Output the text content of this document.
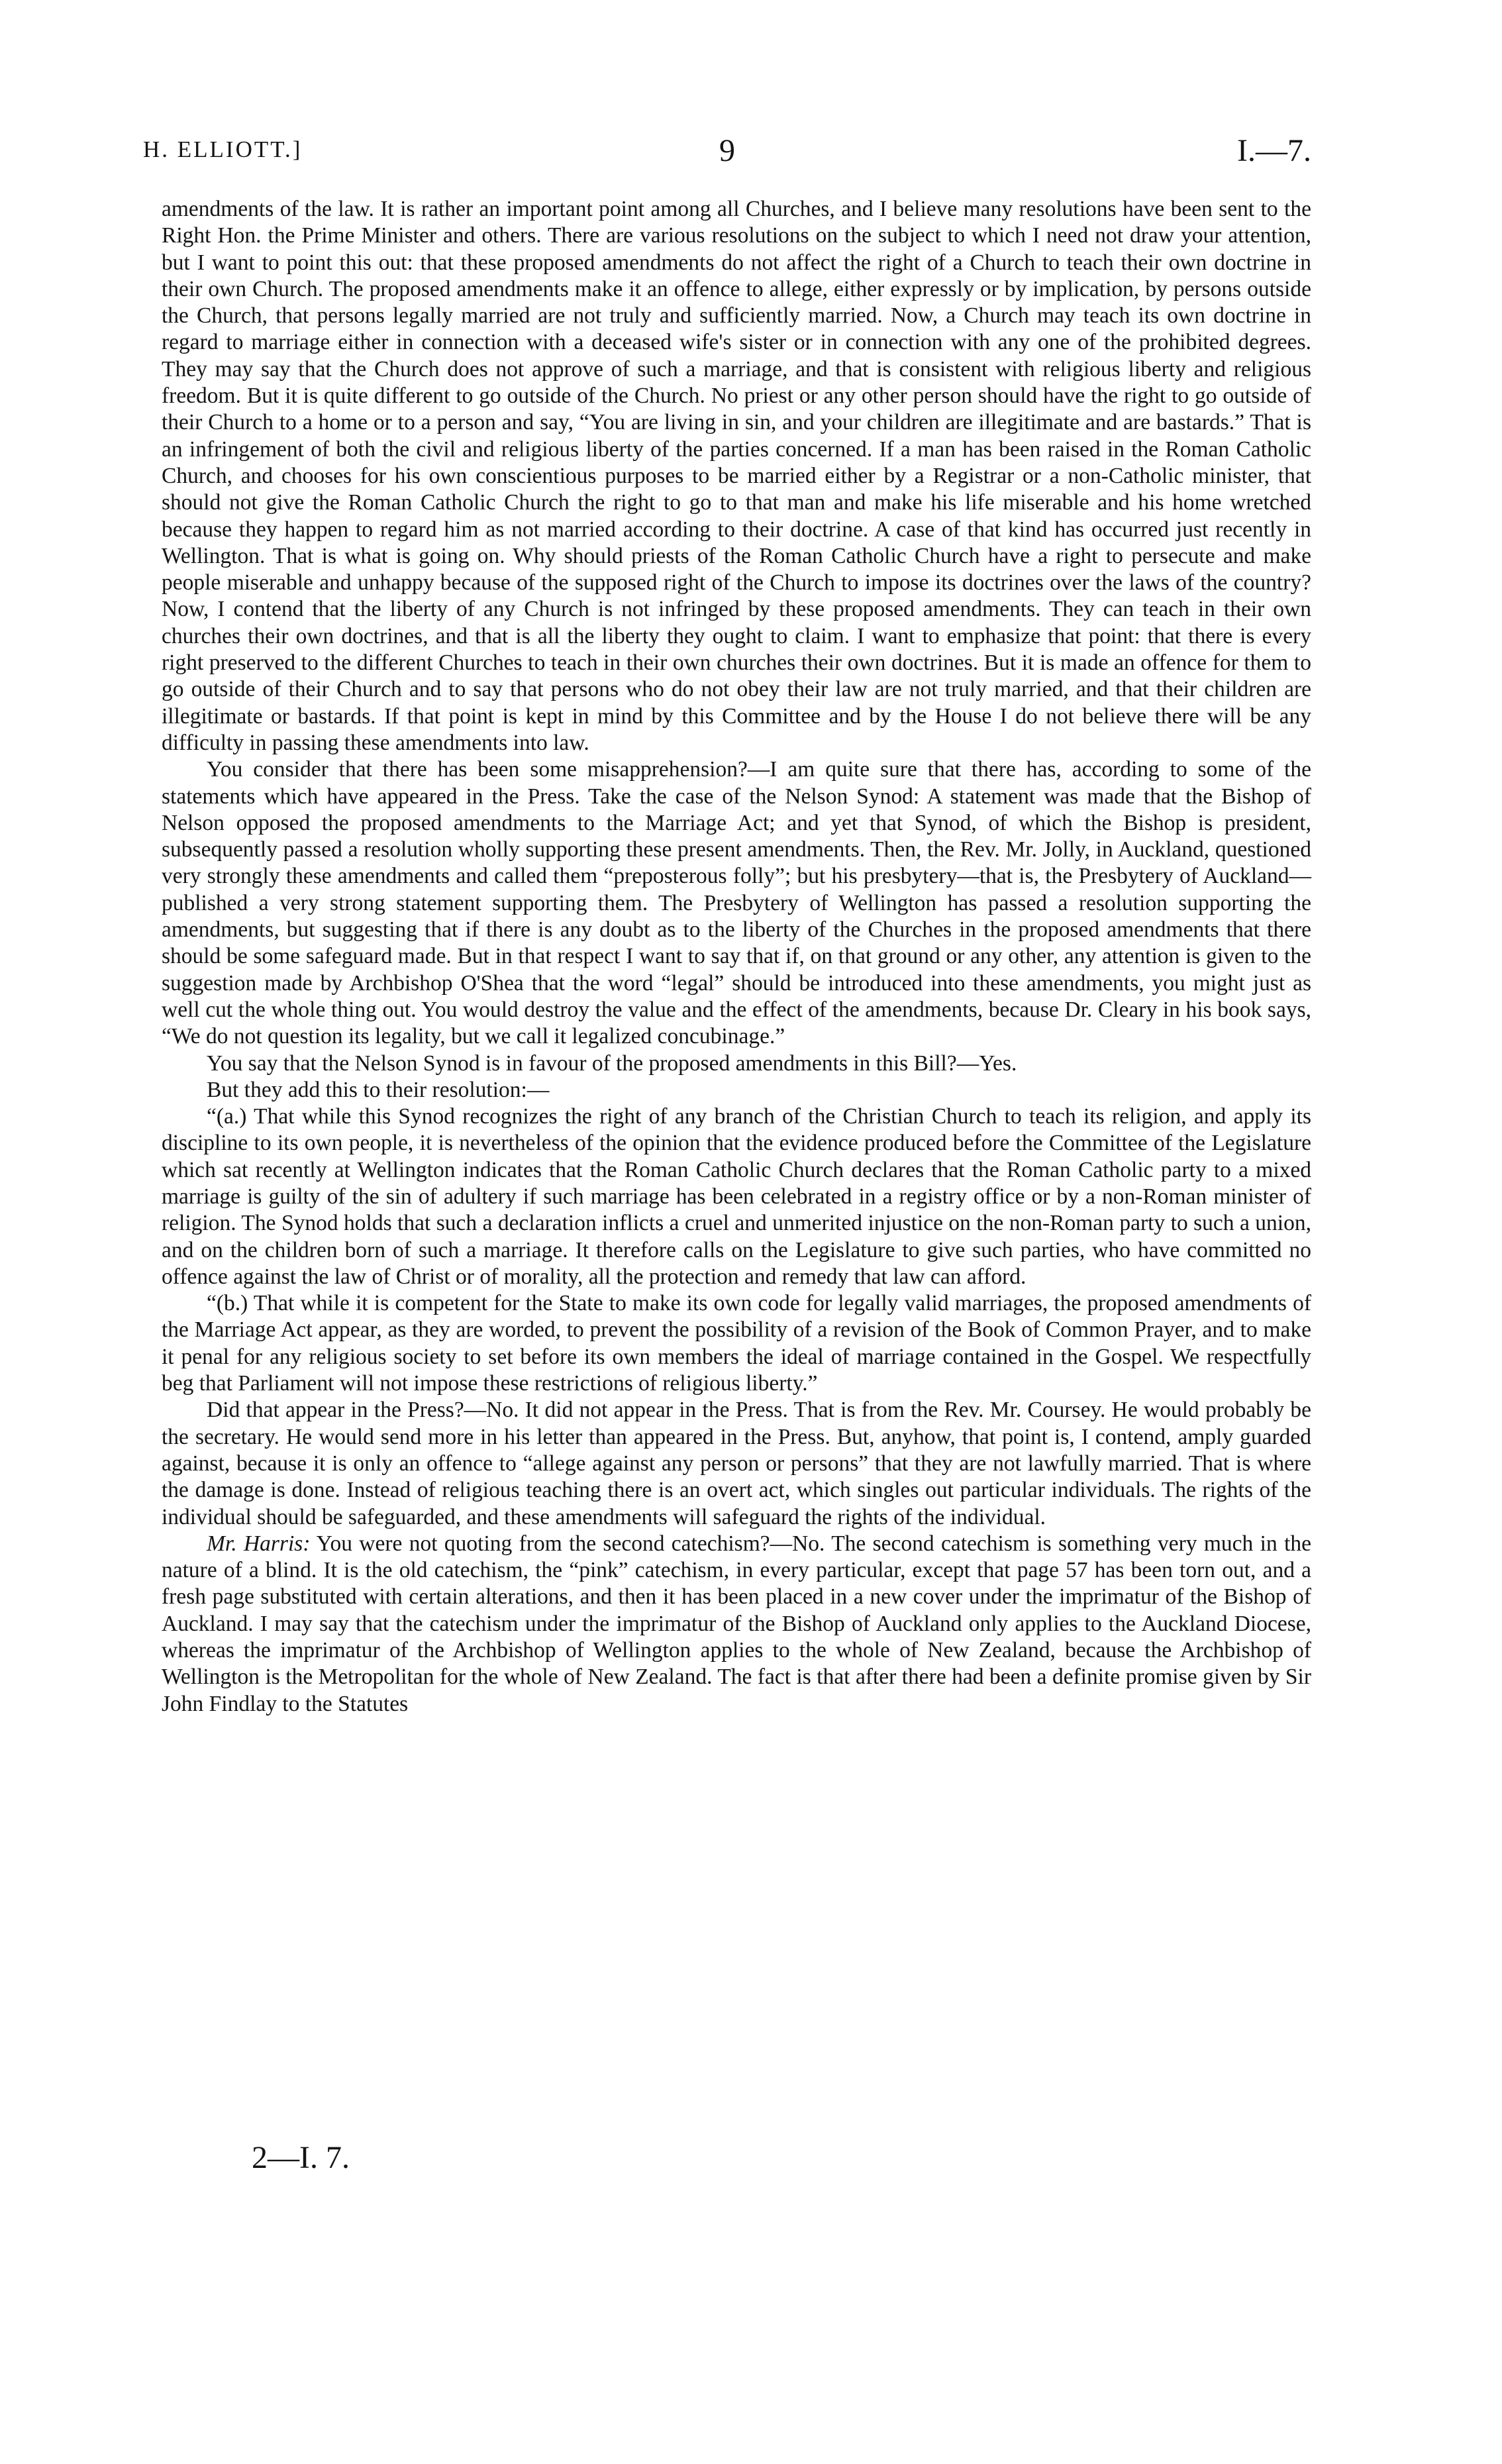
H. ELLIOTT.]	9	I.—7.

amendments of the law. It is rather an important point among all Churches, and I believe many resolutions have been sent to the Right Hon. the Prime Minister and others. There are various resolutions on the subject to which I need not draw your attention, but I want to point this out: that these proposed amendments do not affect the right of a Church to teach their own doctrine in their own Church. The proposed amendments make it an offence to allege, either expressly or by implication, by persons outside the Church, that persons legally married are not truly and sufficiently married. Now, a Church may teach its own doctrine in regard to marriage either in connection with a deceased wife's sister or in connection with any one of the prohibited degrees. They may say that the Church does not approve of such a marriage, and that is consistent with religious liberty and religious freedom. But it is quite different to go outside of the Church. No priest or any other person should have the right to go outside of their Church to a home or to a person and say, “You are living in sin, and your children are illegitimate and are bastards.” That is an infringement of both the civil and religious liberty of the parties concerned. If a man has been raised in the Roman Catholic Church, and chooses for his own conscientious purposes to be married either by a Registrar or a non-Catholic minister, that should not give the Roman Catholic Church the right to go to that man and make his life miserable and his home wretched because they happen to regard him as not married according to their doctrine. A case of that kind has occurred just recently in Wellington. That is what is going on. Why should priests of the Roman Catholic Church have a right to persecute and make people miserable and unhappy because of the supposed right of the Church to impose its doctrines over the laws of the country? Now, I contend that the liberty of any Church is not infringed by these proposed amendments. They can teach in their own churches their own doctrines, and that is all the liberty they ought to claim. I want to emphasize that point: that there is every right preserved to the different Churches to teach in their own churches their own doctrines. But it is made an offence for them to go outside of their Church and to say that persons who do not obey their law are not truly married, and that their children are illegitimate or bastards. If that point is kept in mind by this Committee and by the House I do not believe there will be any difficulty in passing these amendments into law.

You consider that there has been some misapprehension?—I am quite sure that there has, according to some of the statements which have appeared in the Press. Take the case of the Nelson Synod: A statement was made that the Bishop of Nelson opposed the proposed amendments to the Marriage Act; and yet that Synod, of which the Bishop is president, subsequently passed a resolution wholly supporting these present amendments. Then, the Rev. Mr. Jolly, in Auckland, questioned very strongly these amendments and called them “preposterous folly”; but his presbytery—that is, the Presbytery of Auckland—published a very strong statement supporting them. The Presbytery of Wellington has passed a resolution supporting the amendments, but suggesting that if there is any doubt as to the liberty of the Churches in the proposed amendments that there should be some safeguard made. But in that respect I want to say that if, on that ground or any other, any attention is given to the suggestion made by Archbishop O'Shea that the word “legal” should be introduced into these amendments, you might just as well cut the whole thing out. You would destroy the value and the effect of the amendments, because Dr. Cleary in his book says, “We do not question its legality, but we call it legalized concubinage.”

You say that the Nelson Synod is in favour of the proposed amendments in this Bill?—Yes.

But they add this to their resolution:—

“(a.) That while this Synod recognizes the right of any branch of the Christian Church to teach its religion, and apply its discipline to its own people, it is nevertheless of the opinion that the evidence produced before the Committee of the Legislature which sat recently at Wellington indicates that the Roman Catholic Church declares that the Roman Catholic party to a mixed marriage is guilty of the sin of adultery if such marriage has been celebrated in a registry office or by a non-Roman minister of religion. The Synod holds that such a declaration inflicts a cruel and unmerited injustice on the non-Roman party to such a union, and on the children born of such a marriage. It therefore calls on the Legislature to give such parties, who have committed no offence against the law of Christ or of morality, all the protection and remedy that law can afford.

“(b.) That while it is competent for the State to make its own code for legally valid marriages, the proposed amendments of the Marriage Act appear, as they are worded, to prevent the possibility of a revision of the Book of Common Prayer, and to make it penal for any religious society to set before its own members the ideal of marriage contained in the Gospel. We respectfully beg that Parliament will not impose these restrictions of religious liberty.”

Did that appear in the Press?—No. It did not appear in the Press. That is from the Rev. Mr. Coursey. He would probably be the secretary. He would send more in his letter than appeared in the Press. But, anyhow, that point is, I contend, amply guarded against, because it is only an offence to “allege against any person or persons” that they are not lawfully married. That is where the damage is done. Instead of religious teaching there is an overt act, which singles out particular individuals. The rights of the individual should be safeguarded, and these amendments will safeguard the rights of the individual.

Mr. Harris: You were not quoting from the second catechism?—No. The second catechism is something very much in the nature of a blind. It is the old catechism, the “pink” catechism, in every particular, except that page 57 has been torn out, and a fresh page substituted with certain alterations, and then it has been placed in a new cover under the imprimatur of the Bishop of Auckland. I may say that the catechism under the imprimatur of the Bishop of Auckland only applies to the Auckland Diocese, whereas the imprimatur of the Archbishop of Wellington applies to the whole of New Zealand, because the Archbishop of Wellington is the Metropolitan for the whole of New Zealand. The fact is that after there had been a definite promise given by Sir John Findlay to the Statutes

2—I. 7.
